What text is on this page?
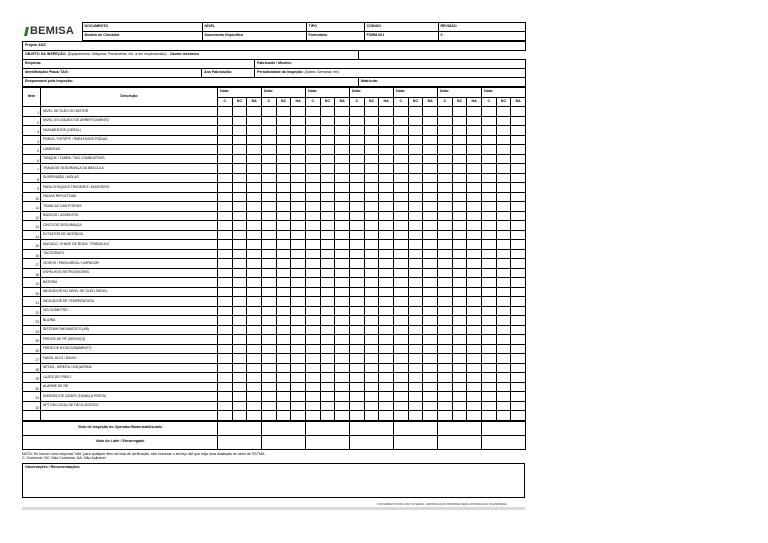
BEMISA	DOCUMENTO	NÍVEL	TIPO	CÓDIGO	REVISÃO
	Modelo de Checklist	Documento Específico	Formulário	FORM-001	0
Projeto AGZ			
OBJETO DA INSPEÇÃO: (Equipamento, Máquina, Ferramenta, etc. a ser inspecionado) - Cavalo mecânico		
Empresa:		Fabricante / Modelo:	
Identificação/ Placa/ TAG:	Ano Fabricação:	Periodicidade da Inspeção: (Diário/ Semanal, etc)	
Responsável pela Inspeção:			Matrícula:
Item	Descrição	Data:			Data:			Data:			Data:			Data:			Data:			Data:		
		C	NC	NA	C	NC	NA	C	NC	NA	C	NC	NA	C	NC	NA	C	NC	NA	C	NC	NA
1	NÍVEL DE ÓLEO DO MOTOR																					
2	NÍVEL DO LÍQUIDO DE ARREFECIMENTO																					
3	VAZAMENTOS (GERAL)																					
4	PNEUS / ESTEPE / PARAFUSOS RODAS																					
5	LAMEIRAS																					
6	TANQUE / TAMPA / TAG COMBUSTÍVEL																					
7	TRAVA DE SEGURANÇA DA BÁSCULA																					
8	SUSPENSÃO / MOLAS																					
9	PARA CHOQUES TRASEIRO / DIANTEIRO																					
10	FAIXAS REFLETIVAS																					
11	TRANCAS DAS PORTAS																					
12	BANCOS / ASSENTOS																					
13	CINTO DE SEGURANÇA																					
14	EXTINTOR DE INCÊNDIO																					
15	MACACO, CHAVE DE RODA, TRIÂNGULO																					
16	TACÓGRAFO																					
17	VIDROS / PARA BRISA / LIMPADOR																					
18	ESPELHOS RETROVISORES																					
19	BATERIA																					
20	INDICADOR DO NÍVEL DE ÓLEO DIESEL																					
21	INDICADOR DE TEMPERATURA																					
22	VELOCÍMETRO																					
23	BUZINA																					
24	SISTEMA PNEUMÁTICO (AR)																					
25	FREIOS DE PÉ (SERVIÇO)																					
26	FREIO DE ESTACIONAMENTO																					
27	FAROL ALTO / BAIXO																					
28	SETAS - DIREITA / ESQUERDA																					
29	LUZES DE FREIO																					
30	ALARME DE RÉ																					
31	EMISSÃO DE GASES (FUMAÇA PRETA)																					
32	APT EM LOCAL DE FÁCIL ACESSO																					

Visto de Inspeção do Operador/Motorista/Usuário							
Visto do Líder / Encarregado							
NOTA: Se houver uma resposta "não" para qualquer item da lista de verificação, não executar o serviço até que haja uma avaliação do setor de SSTMA.
C: Conforme; NC: Não Conforme; NA: Não Aplicável
Observações / Recomendações:
DOCUMENTO PARA USO INTERNO - REPRODUÇÃO PROIBIDA SEM AUTORIZAÇÃO DA EMPRESA
